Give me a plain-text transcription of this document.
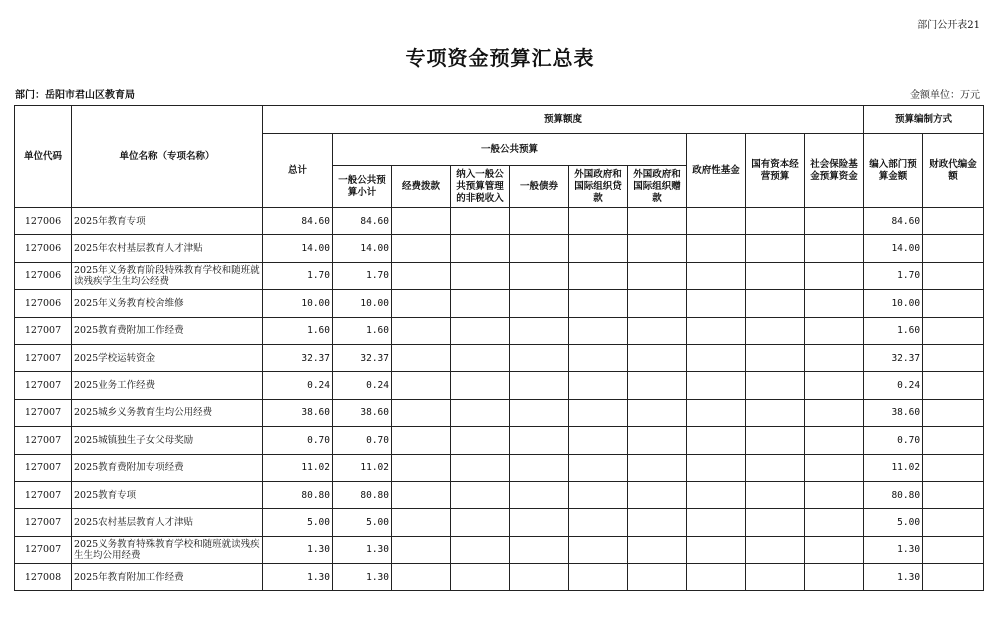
部门公开表21
专项资金预算汇总表
部门：岳阳市君山区教育局	金额单位：万元
单位代码	单位名称（专项名称）	预算额度										预算编制方式	
		总计	一般公共预算						政府性基金	国有资本经营预算	社会保险基金预算资金	编入部门预算金额	财政代编金额
			一般公共预算小计	经费拨款	纳入一般公共预算管理的非税收入	一般债券	外国政府和国际组织贷款	外国政府和国际组织赠款					
127006	2025年教育专项	84.60	84.60									84.60	
127006	2025年农村基层教育人才津贴	14.00	14.00									14.00	
127006	2025年义务教育阶段特殊教育学校和随班就读残疾学生生均公经费	1.70	1.70									1.70	
127006	2025年义务教育校舍维修	10.00	10.00									10.00	
127007	2025教育费附加工作经费	1.60	1.60									1.60	
127007	2025学校运转资金	32.37	32.37									32.37	
127007	2025业务工作经费	0.24	0.24									0.24	
127007	2025城乡义务教育生均公用经费	38.60	38.60									38.60	
127007	2025城镇独生子女父母奖励	0.70	0.70									0.70	
127007	2025教育费附加专项经费	11.02	11.02									11.02	
127007	2025教育专项	80.80	80.80									80.80	
127007	2025农村基层教育人才津贴	5.00	5.00									5.00	
127007	2025义务教育特殊教育学校和随班就读残疾生生均公用经费	1.30	1.30									1.30	
127008	2025年教育附加工作经费	1.30	1.30									1.30	
